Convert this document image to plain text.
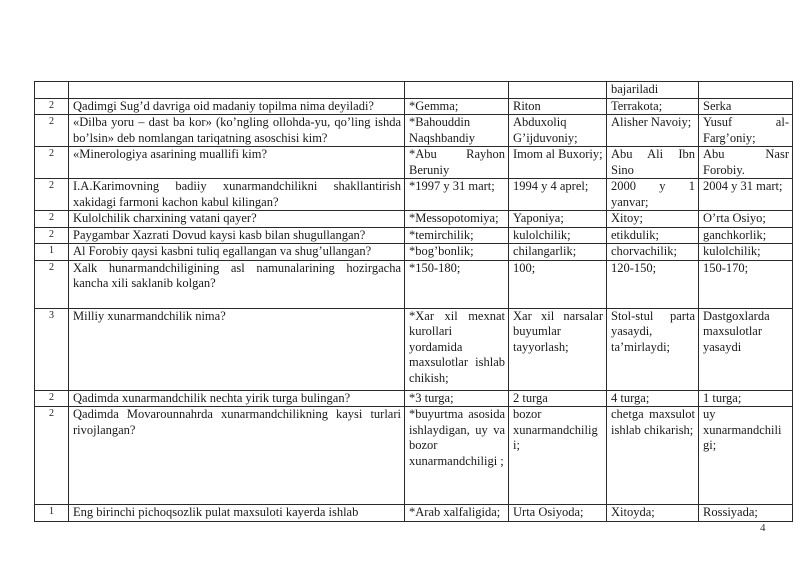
				bajariladi	
2	Qadimgi Sug’d davriga oid madaniy topilma nima deyiladi?	*Gemma;	Riton	Terrakota;	Serka
2	«Dilba yoru – dast ba kor» (ko’ngling ollohda-yu, qo’ling ishda bo’lsin» deb nomlangan tariqatning asoschisi kim?	*Bahouddin Naqshbandiy	Abduxoliq G’ijduvoniy;	Alisher Navoiy;	Yusuf al-Farg’oniy;
2	«Minerologiya asarining muallifi kim?	*Abu Rayhon Beruniy	Imom al Buxoriy;	Abu Ali Ibn Sino	Abu Nasr Forobiy.
2	I.A.Karimovning badiiy xunarmandchilikni shakllantirish xakidagi farmoni kachon kabul kilingan?	*1997 y 31 mart;	1994 y 4 aprel;	2000 y 1 yanvar;	2004 y 31 mart;
2	Kulolchilik charxining vatani qayer?	*Messopotomiya;	Yaponiya;	Xitoy;	O’rta Osiyo;
2	Paygambar Xazrati Dovud kaysi kasb bilan shugullangan?	*temirchilik;	kulolchilik;	etikdulik;	ganchkorlik;
1	Al Forobiy qaysi kasbni tuliq egallangan va shug’ullangan?	*bog’bonlik;	chilangarlik;	chorvachilik;	kulolchilik;
2	Xalk hunarmandchiligining asl namunalarining hozirgacha kancha xili saklanib kolgan?	*150-180;	100;	120-150;	150-170;
3	Milliy xunarmandchilik nima?	*Xar xil mexnat kurollari yordamida maxsulotlar ishlab chikish;	Xar xil narsalar buyumlar tayyorlash;	Stol-stul parta yasaydi, ta’mirlaydi;	Dastgoxlarda maxsulotlar yasaydi
2	Qadimda xunarmandchilik nechta yirik turga bulingan?	*3 turga;	2 turga	4 turga;	1 turga;
2	Qadimda Movarounnahrda xunarmandchilikning kaysi turlari rivojlangan?	*buyurtma asosida ishlaydigan, uy va bozor xunarmandchiligi ;	bozor xunarmandchilig i;	chetga maxsulot ishlab chikarish;	uy xunarmandchili gi;
1	Eng birinchi pichoqsozlik pulat maxsuloti kayerda ishlab	*Arab xalfaligida;	Urta Osiyoda;	Xitoyda;	Rossiyada;
4
